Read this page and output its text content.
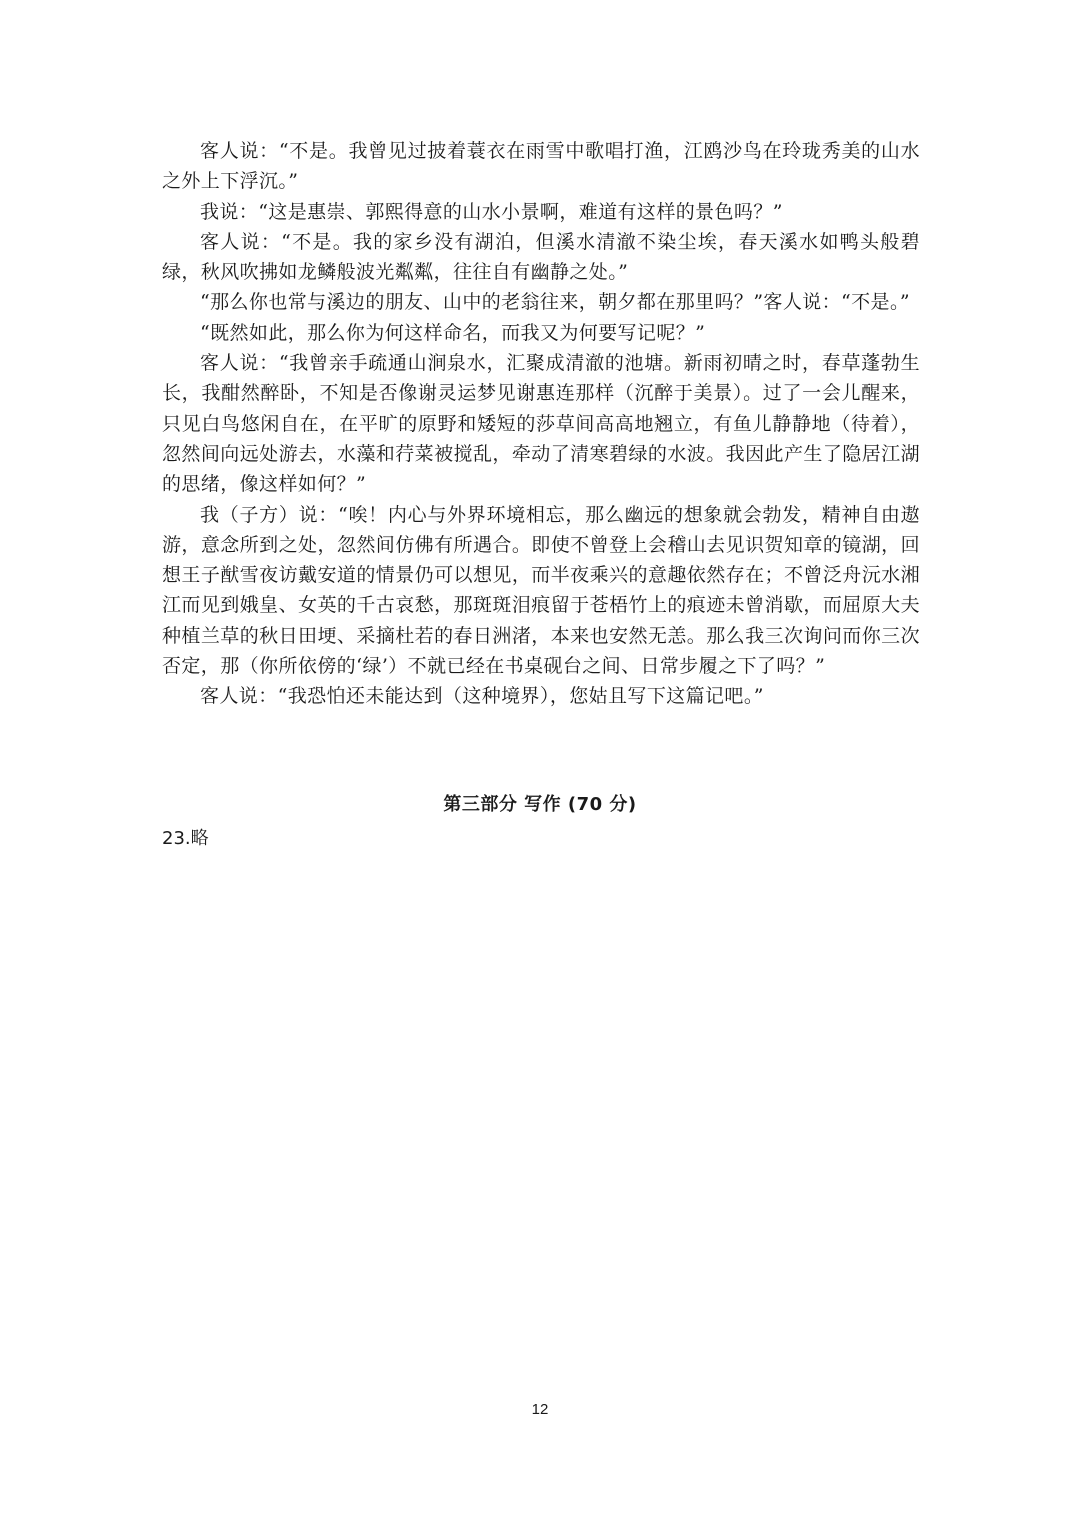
客人说：“不是。我曾见过披着蓑衣在雨雪中歌唱打渔，江鸥沙鸟在玲珑秀美的山水之外上下浮沉。”

我说：“这是惠崇、郭熙得意的山水小景啊，难道有这样的景色吗？”

客人说：“不是。我的家乡没有湖泊，但溪水清澈不染尘埃，春天溪水如鸭头般碧绿，秋风吹拂如龙鳞般波光粼粼，往往自有幽静之处。”

“那么你也常与溪边的朋友、山中的老翁往来，朝夕都在那里吗？”客人说：“不是。”

“既然如此，那么你为何这样命名，而我又为何要写记呢？”

客人说：“我曾亲手疏通山涧泉水，汇聚成清澈的池塘。新雨初晴之时，春草蓬勃生长，我酣然醉卧，不知是否像谢灵运梦见谢惠连那样（沉醉于美景）。过了一会儿醒来，只见白鸟悠闲自在，在平旷的原野和矮短的莎草间高高地翘立，有鱼儿静静地（待着），忽然间向远处游去，水藻和荇菜被搅乱，牵动了清寒碧绿的水波。我因此产生了隐居江湖的思绪，像这样如何？”

我（子方）说：“唉！内心与外界环境相忘，那么幽远的想象就会勃发，精神自由遨游，意念所到之处，忽然间仿佛有所遇合。即使不曾登上会稽山去见识贺知章的镜湖，回想王子猷雪夜访戴安道的情景仍可以想见，而半夜乘兴的意趣依然存在；不曾泛舟沅水湘江而见到娥皇、女英的千古哀愁，那斑斑泪痕留于苍梧竹上的痕迹未曾消歇，而屈原大夫种植兰草的秋日田埂、采摘杜若的春日洲渚，本来也安然无恙。那么我三次询问而你三次否定，那（你所依傍的‘绿’）不就已经在书桌砚台之间、日常步履之下了吗？”

客人说：“我恐怕还未能达到（这种境界），您姑且写下这篇记吧。”

第三部分 写作 (70 分)
23.略
12
